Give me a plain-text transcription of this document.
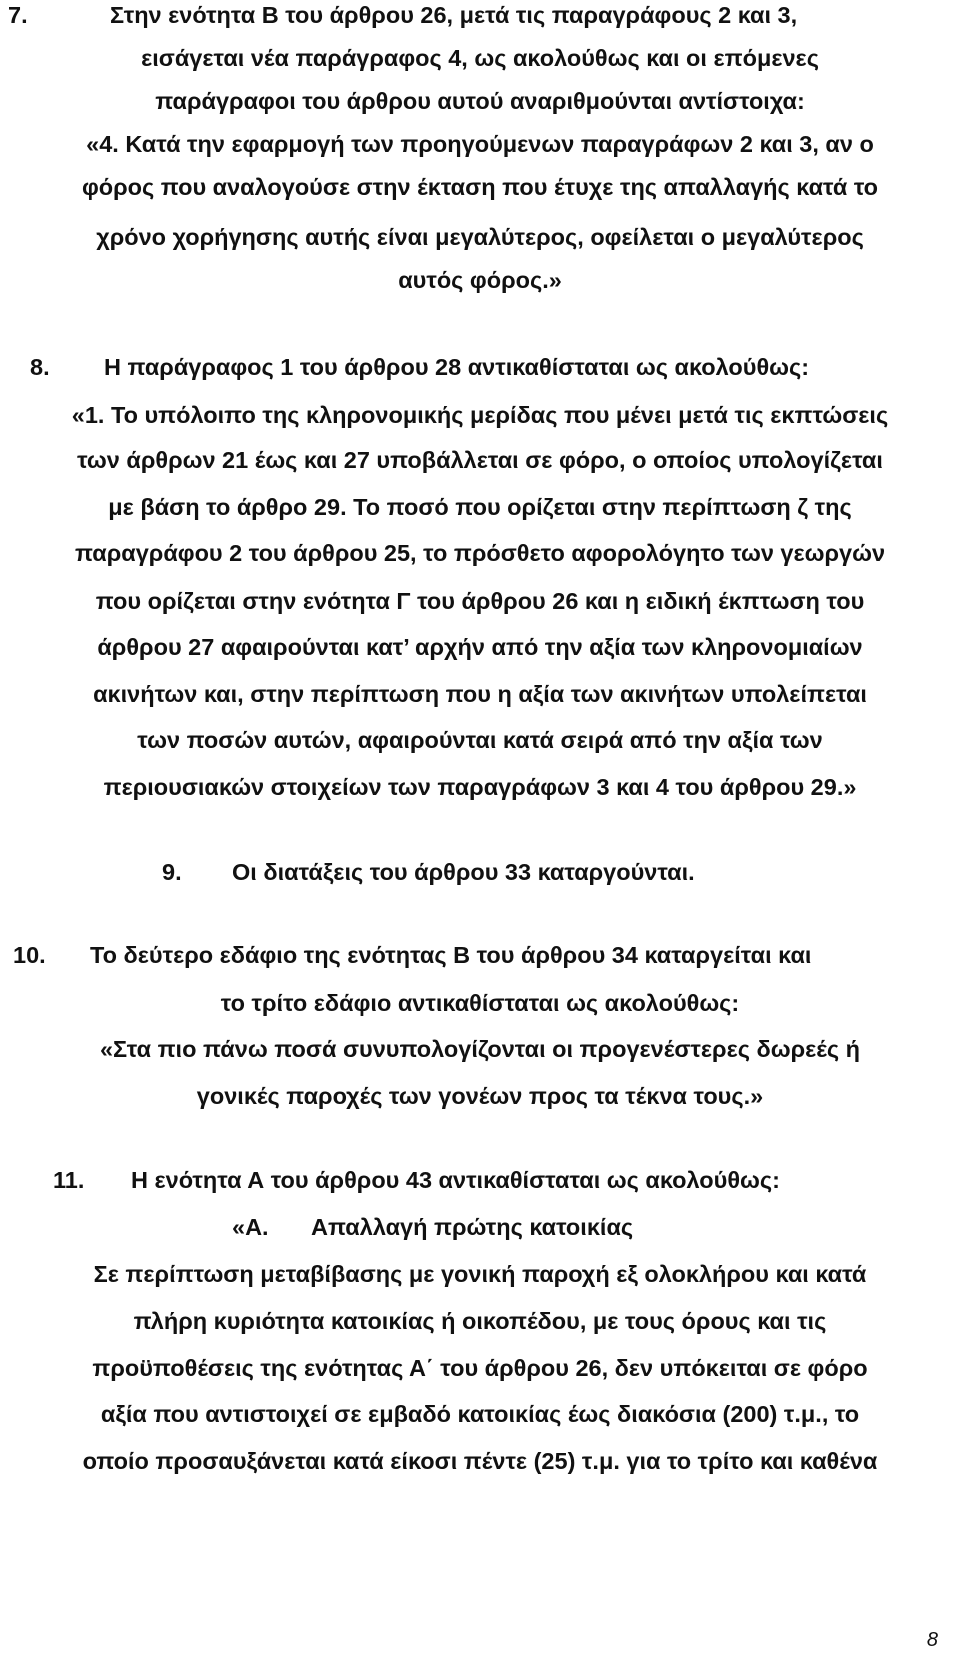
7.	Στην ενότητα Β του άρθρου 26, μετά τις παραγράφους 2 και 3,
εισάγεται νέα παράγραφος 4, ως ακολούθως και οι επόμενες
παράγραφοι του άρθρου αυτού αναριθμούνται αντίστοιχα:
«4. Κατά την εφαρμογή των προηγούμενων παραγράφων 2 και 3, αν ο
φόρος που αναλογούσε στην έκταση που έτυχε της απαλλαγής κατά το
χρόνο χορήγησης αυτής είναι μεγαλύτερος, οφείλεται ο μεγαλύτερος
αυτός φόρος.»
8. Η παράγραφος 1 του άρθρου 28 αντικαθίσταται ως ακολούθως:
«1. Το υπόλοιπο της κληρονομικής μερίδας που μένει μετά τις εκπτώσεις
των άρθρων 21 έως και 27 υποβάλλεται σε φόρο, ο οποίος υπολογίζεται
με βάση το άρθρο 29. Το ποσό που ορίζεται στην περίπτωση ζ της
παραγράφου 2 του άρθρου 25, το πρόσθετο αφορολόγητο των γεωργών
που ορίζεται στην ενότητα Γ του άρθρου 26 και η ειδική έκπτωση του
άρθρου 27 αφαιρούνται κατ’ αρχήν από την αξία των κληρονομιαίων
ακινήτων και, στην περίπτωση που η αξία των ακινήτων υπολείπεται
των ποσών αυτών, αφαιρούνται κατά σειρά από την αξία των
περιουσιακών στοιχείων των παραγράφων 3 και 4 του άρθρου 29.»
9. Οι διατάξεις του άρθρου 33 καταργούνται.
10. Το δεύτερο εδάφιο της ενότητας Β του άρθρου 34 καταργείται και
το τρίτο εδάφιο αντικαθίσταται ως ακολούθως:
«Στα πιο πάνω ποσά συνυπολογίζονται οι προγενέστερες δωρεές ή
γονικές παροχές των γονέων προς τα τέκνα τους.»
11. Η ενότητα Α του άρθρου 43 αντικαθίσταται ως ακολούθως:
«Α. Απαλλαγή πρώτης κατοικίας
Σε περίπτωση μεταβίβασης με γονική παροχή εξ ολοκλήρου και κατά
πλήρη κυριότητα κατοικίας ή οικοπέδου, με τους όρους και τις
προϋποθέσεις της ενότητας Α΄ του άρθρου 26, δεν υπόκειται σε φόρο
αξία που αντιστοιχεί σε εμβαδό κατοικίας έως διακόσια (200) τ.μ., το
οποίο προσαυξάνεται κατά είκοσι πέντε (25) τ.μ. για το τρίτο και καθένα
8
